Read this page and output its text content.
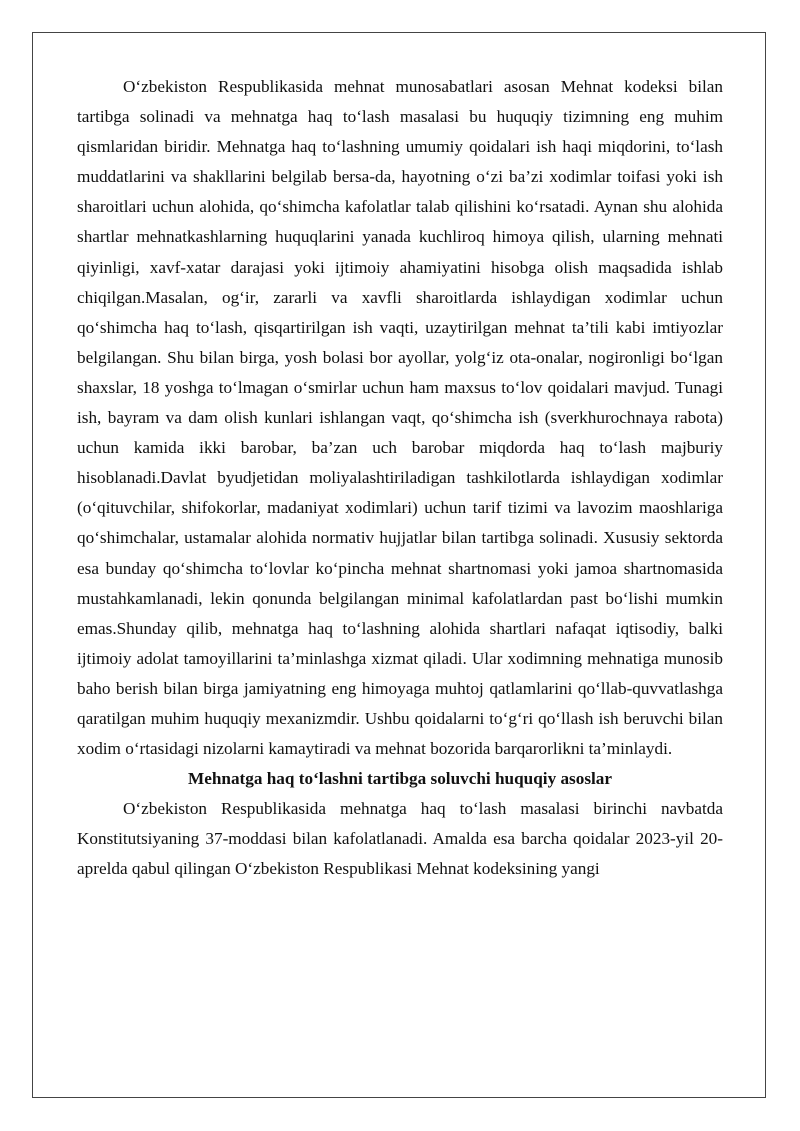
O‘zbekiston Respublikasida mehnat munosabatlari asosan Mehnat kodeksi bilan tartibga solinadi va mehnatga haq to‘lash masalasi bu huquqiy tizimning eng muhim qismlaridan biridir. Mehnatga haq to‘lashning umumiy qoidalari ish haqi miqdorini, to‘lash muddatlarini va shakllarini belgilab bersa-da, hayotning o‘zi ba’zi xodimlar toifasi yoki ish sharoitlari uchun alohida, qo‘shimcha kafolatlar talab qilishini ko‘rsatadi. Aynan shu alohida shartlar mehnatkashlarning huquqlarini yanada kuchliroq himoya qilish, ularning mehnati qiyinligi, xavf-xatar darajasi yoki ijtimoiy ahamiyatini hisobga olish maqsadida ishlab chiqilgan.Masalan, og‘ir, zararli va xavfli sharoitlarda ishlaydigan xodimlar uchun qo‘shimcha haq to‘lash, qisqartirilgan ish vaqti, uzaytirilgan mehnat ta’tili kabi imtiyozlar belgilangan. Shu bilan birga, yosh bolasi bor ayollar, yolg‘iz ota-onalar, nogironligi bo‘lgan shaxslar, 18 yoshga to‘lmagan o‘smirlar uchun ham maxsus to‘lov qoidalari mavjud. Tunagi ish, bayram va dam olish kunlari ishlangan vaqt, qo‘shimcha ish (sverkhurochnaya rabota) uchun kamida ikki barobar, ba’zan uch barobar miqdorda haq to‘lash majburiy hisoblanadi.Davlat byudjetidan moliyalashtiriladigan tashkilotlarda ishlaydigan xodimlar (o‘qituvchilar, shifokorlar, madaniyat xodimlari) uchun tarif tizimi va lavozim maoshlariga qo‘shimchalar, ustamalar alohida normativ hujjatlar bilan tartibga solinadi. Xususiy sektorda esa bunday qo‘shimcha to‘lovlar ko‘pincha mehnat shartnomasi yoki jamoa shartnomasida mustahkamlanadi, lekin qonunda belgilangan minimal kafolatlardan past bo‘lishi mumkin emas.Shunday qilib, mehnatga haq to‘lashning alohida shartlari nafaqat iqtisodiy, balki ijtimoiy adolat tamoyillarini ta’minlashga xizmat qiladi. Ular xodimning mehnatiga munosib baho berish bilan birga jamiyatning eng himoyaga muhtoj qatlamlarini qo‘llab-quvvatlashga qaratilgan muhim huquqiy mexanizmdir. Ushbu qoidalarni to‘g‘ri qo‘llash ish beruvchi bilan xodim o‘rtasidagi nizolarni kamaytiradi va mehnat bozorida barqarorlikni ta’minlaydi.

Mehnatga haq to‘lashni tartibga soluvchi huquqiy asoslar

O‘zbekiston Respublikasida mehnatga haq to‘lash masalasi birinchi navbatda Konstitutsiyaning 37-moddasi bilan kafolatlanadi. Amalda esa barcha qoidalar 2023-yil 20-aprelda qabul qilingan O‘zbekiston Respublikasi Mehnat kodeksining yangi
